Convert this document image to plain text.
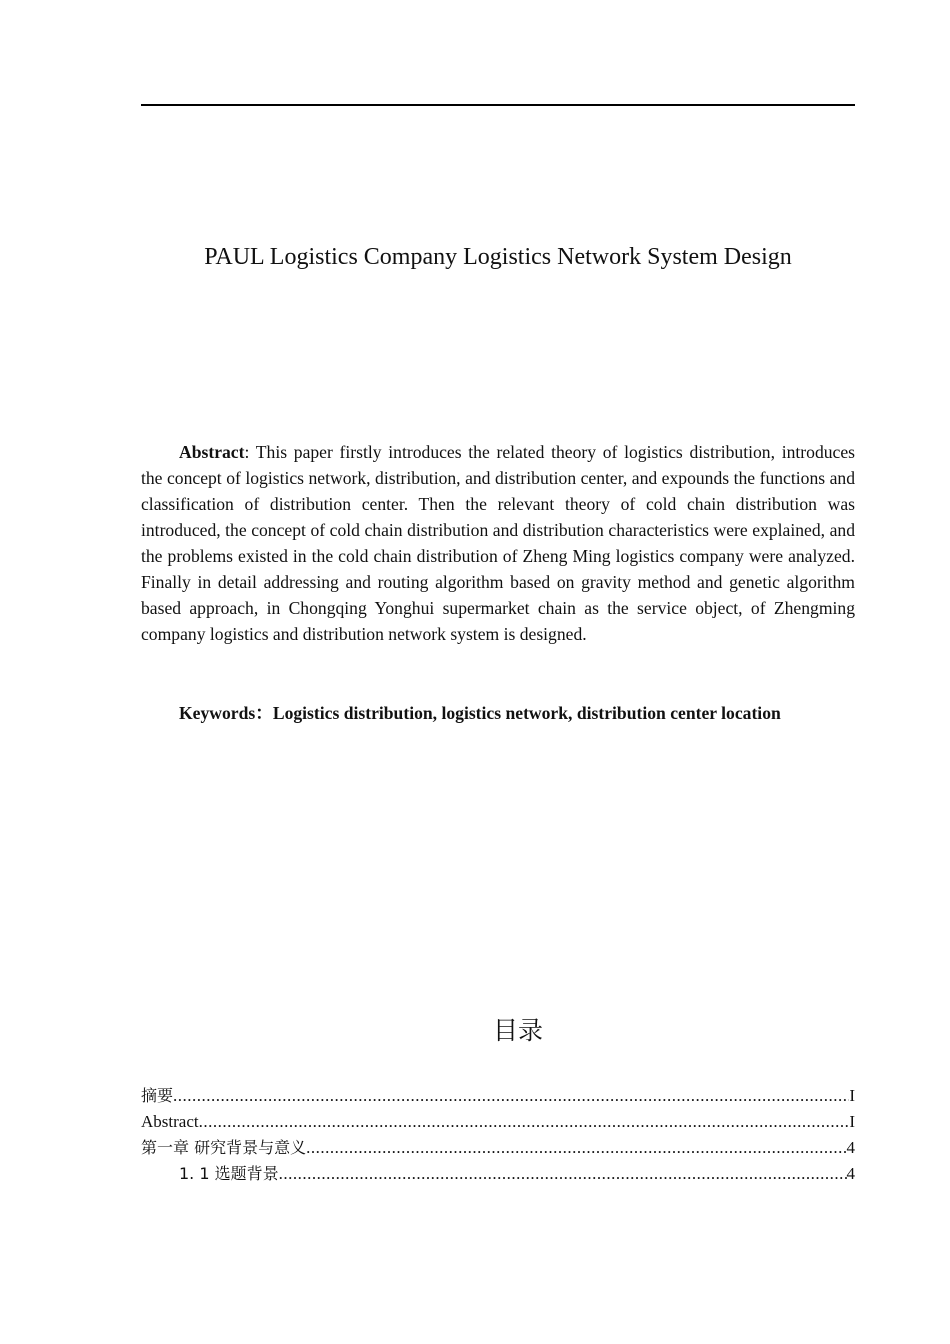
PAUL Logistics Company Logistics Network System Design
Abstract: This paper firstly introduces the related theory of logistics distribution, introduces the concept of logistics network, distribution, and distribution center, and expounds the functions and classification of distribution center. Then the relevant theory of cold chain distribution was introduced, the concept of cold chain distribution and distribution characteristics were explained, and the problems existed in the cold chain distribution of Zheng Ming logistics company were analyzed. Finally in detail addressing and routing algorithm based on gravity method and genetic algorithm based approach, in Chongqing Yonghui supermarket chain as the service object, of Zhengming company logistics and distribution network system is designed.
Keywords：Logistics distribution, logistics network, distribution center location
目录
摘要 .....	I
Abstract .....	I
第一章 研究背景与意义 .....	4
1. 1 选题背景 .....	4
